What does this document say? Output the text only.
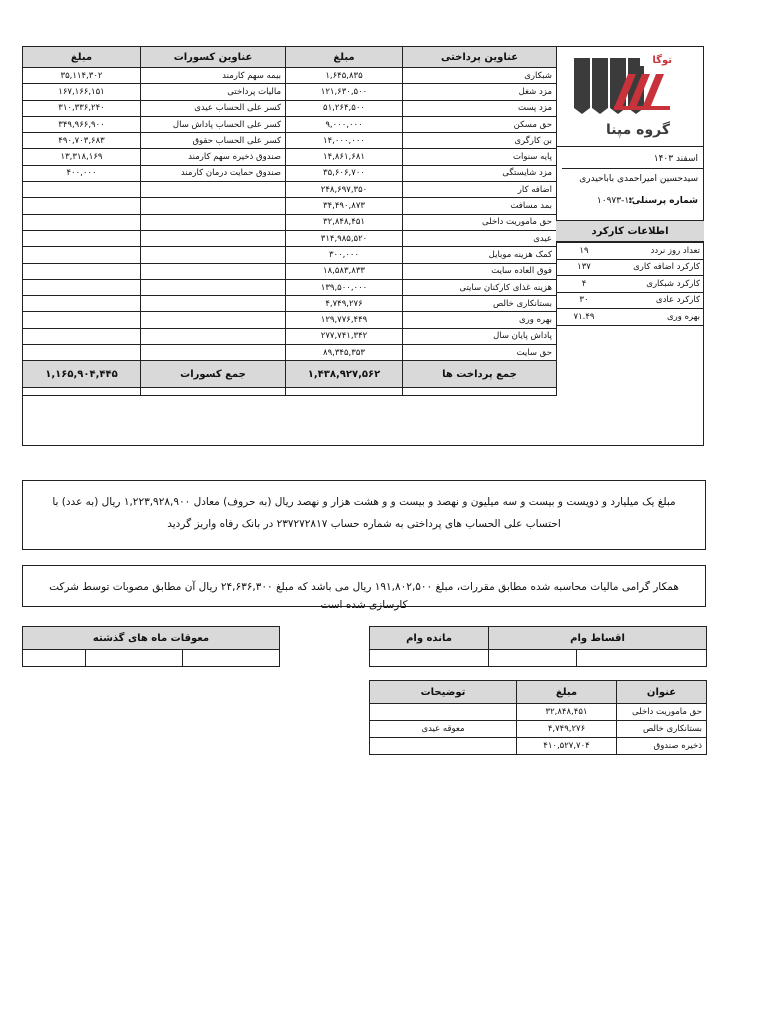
مبلغ	عناوین کسورات	مبلغ	عناوین پرداختی
۳۵,۱۱۴,۳۰۲	بیمه سهم کارمند	۱,۶۴۵,۸۳۵	شبکاری
۱۶۷,۱۶۶,۱۵۱	مالیات پرداختی	۱۲۱,۶۳۰,۵۰۰	مزد شغل
۳۱۰,۳۳۶,۲۴۰	کسر علی الحساب عیدی	۵۱,۲۶۴,۵۰۰	مزد پست
۳۴۹,۹۶۶,۹۰۰	کسر علی الحساب پاداش سال	۹,۰۰۰,۰۰۰	حق مسکن
۴۹۰,۷۰۳,۶۸۳	کسر علی الحساب حقوق	۱۴,۰۰۰,۰۰۰	بن کارگری
۱۳,۳۱۸,۱۶۹	صندوق ذخیره سهم کارمند	۱۴,۸۶۱,۶۸۱	پایه سنوات
۴۰۰,۰۰۰	صندوق حمایت درمان کارمند	۳۵,۶۰۶,۷۰۰	مزد شایستگی
		۲۴۸,۶۹۷,۳۵۰	اضافه کار
		۳۴,۴۹۰,۸۷۳	بمد مسافت
		۳۲,۸۴۸,۴۵۱	حق ماموریت داخلی
		۳۱۴,۹۸۵,۵۲۰	عیدی
		۳۰۰,۰۰۰	کمک هزینه موبایل
		۱۸,۵۸۳,۸۳۳	فوق العاده سایت
		۱۳۹,۵۰۰,۰۰۰	هزینه غذای کارکنان سایتی
		۴,۷۴۹,۲۷۶	بستانکاری خالص
		۱۲۹,۷۷۶,۴۴۹	بهره وری
		۲۷۷,۷۴۱,۳۴۲	پاداش پایان سال
		۸۹,۳۴۵,۳۵۳	حق سایت
۱,۱۶۵,۹۰۴,۴۴۵	جمع کسورات	۱,۴۳۸,۹۲۷,۵۶۲	جمع پرداخت ها

توگا
گروه مپنا
اسفند ۱۴۰۳
سیدحسین امیراحمدی باباحیدری
شماره پرسنلی:
۱۰۹۷۳-۱۲
اطلاعات کارکرد
۱۹	تعداد روز نردد
۱۳۷	کارکرد اضافه کاری
۴	کارکرد شبکاری
۳۰	کارکرد عادی
۷۱.۴۹	بهره وری
مبلغ یک میلیارد و دویست و بیست و سه میلیون و نهصد و بیست و و هشت هزار و نهصد ریال (به حروف) معادل ۱,۲۲۳,۹۲۸,۹۰۰ ریال (به عدد) با احتساب علی الحساب های پرداختی به شماره حساب ۲۳۷۲۷۲۸۱۷ در بانک رفاه واریز گردید
همکار گرامی مالیات محاسبه شده مطابق مقررات، مبلغ ۱۹۱,۸۰۲,۵۰۰ ریال می باشد که مبلغ ۲۴,۶۳۶,۳۰۰ ریال آن مطابق مصوبات توسط شرکت کارسازی شده است
معوقات ماه های گذشته
			مانده وام	اقساط وام

توضیحات	مبلغ	عنوان
	۳۲,۸۴۸,۴۵۱	حق ماموریت داخلی
معوقه عیدی	۴,۷۴۹,۲۷۶	بستانکاری خالص
	۴۱۰,۵۲۷,۷۰۴	ذخیره صندوق
